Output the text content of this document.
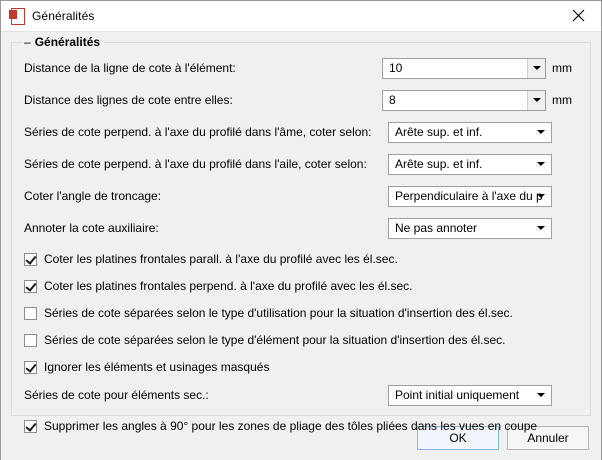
Généralités
– Généralités
Distance de la ligne de cote à l'élément:	10	mm
Distance des lignes de cote entre elles:	8	mm
Séries de cote perpend. à l'axe du profilé dans l'âme, coter selon:	Arête sup. et inf.
Séries de cote perpend. à l'axe du profilé dans l'aile, coter selon:	Arête sup. et inf.
Coter l'angle de troncage:	Perpendiculaire à l'axe du p
Annoter la cote auxiliaire:	Ne pas annoter
Coter les platines frontales parall. à l'axe du profilé avec les él.sec.
Coter les platines frontales perpend. à l'axe du profilé avec les él.sec.
Séries de cote séparées selon le type d'utilisation pour la situation d'insertion des él.sec.
Séries de cote séparées selon le type d'élément pour la situation d'insertion des él.sec.
Ignorer les éléments et usinages masqués
Séries de cote pour éléments sec.:	Point initial uniquement
Supprimer les angles à 90° pour les zones de pliage des tôles pliées dans les vues en coupe
OK	Annuler
